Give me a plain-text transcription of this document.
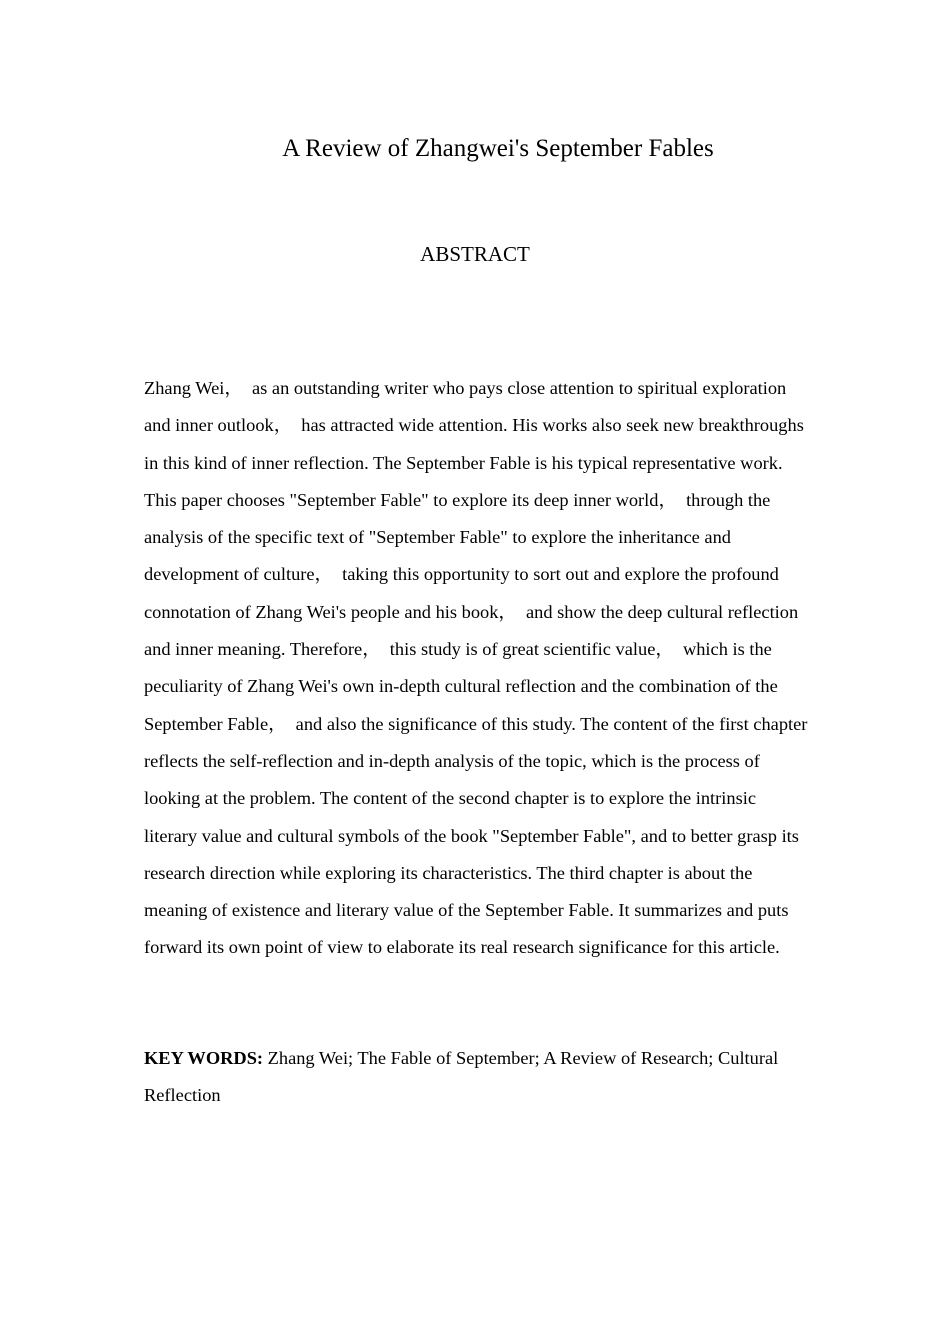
A Review of Zhangwei's September Fables
ABSTRACT

Zhang Wei，　as an outstanding writer who pays close attention to spiritual exploration and inner outlook，　has attracted wide attention. His works also seek new breakthroughs in this kind of inner reflection. The September Fable is his typical representative work. This paper chooses "September Fable" to explore its deep inner world，　through the analysis of the specific text of "September Fable" to explore the inheritance and development of culture，　taking this opportunity to sort out and explore the profound connotation of Zhang Wei's people and his book，　and show the deep cultural reflection and inner meaning. Therefore，　this study is of great scientific value，　which is the peculiarity of Zhang Wei's own in-depth cultural reflection and the combination of the September Fable，　and also the significance of this study. The content of the first chapter reflects the self-reflection and in-depth analysis of the topic, which is the process of looking at the problem. The content of the second chapter is to explore the intrinsic literary value and cultural symbols of the book "September Fable", and to better grasp its research direction while exploring its characteristics. The third chapter is about the meaning of existence and literary value of the September Fable. It summarizes and puts forward its own point of view to elaborate its real research significance for this article.

KEY WORDS: Zhang Wei; The Fable of September; A Review of Research; Cultural Reflection
